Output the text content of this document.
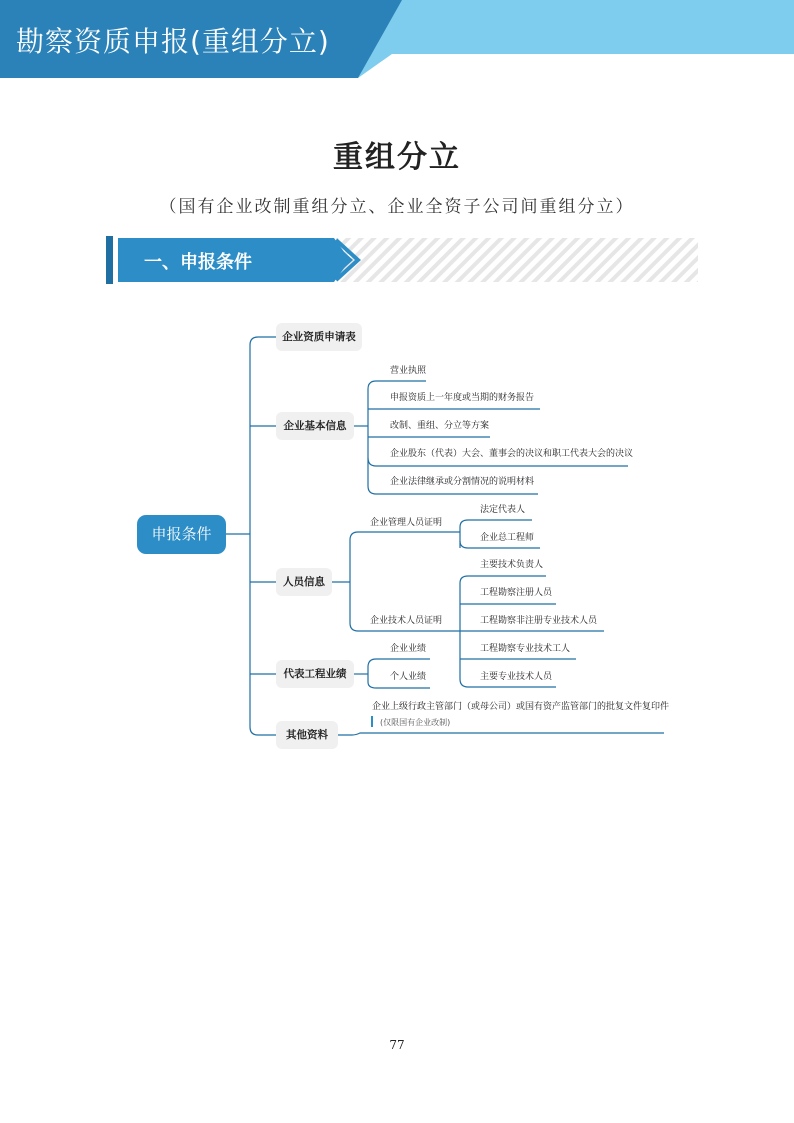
勘察资质申报(重组分立)
重组分立
（国有企业改制重组分立、企业全资子公司间重组分立）
一、申报条件
申报条件
企业资质申请表
企业基本信息
人员信息
代表工程业绩
其他资料
营业执照
申报资质上一年度或当期的财务报告
改制、重组、分立等方案
企业股东（代表）大会、董事会的决议和职工代表大会的决议
企业法律继承或分割情况的说明材料
企业管理人员证明
法定代表人
企业总工程师
企业技术人员证明
主要技术负责人
工程勘察注册人员
工程勘察非注册专业技术人员
工程勘察专业技术工人
主要专业技术人员
企业业绩
个人业绩
企业上级行政主管部门（或母公司）或国有资产监管部门的批复文件复印件
(仅限国有企业改制)
77
